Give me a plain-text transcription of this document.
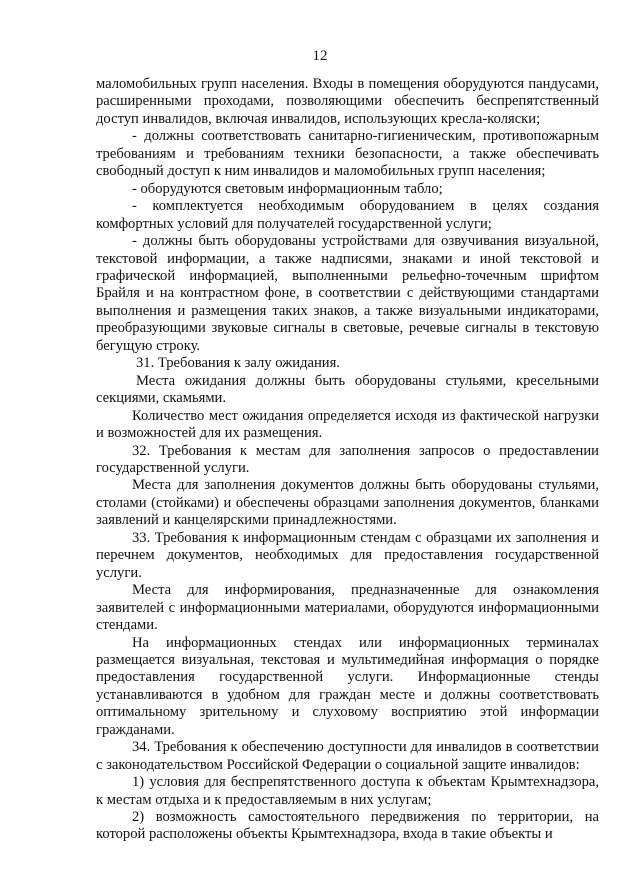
12

маломобильных групп населения. Входы в помещения оборудуются пандусами, расширенными проходами, позволяющими обеспечить беспрепятственный доступ инвалидов, включая инвалидов, использующих кресла-коляски;

- должны соответствовать санитарно-гигиеническим, противопожарным требованиям и требованиям техники безопасности, а также обеспечивать свободный доступ к ним инвалидов и маломобильных групп населения;

- оборудуются световым информационным табло;

- комплектуется необходимым оборудованием в целях создания комфортных условий для получателей государственной услуги;

- должны быть оборудованы устройствами для озвучивания визуальной, текстовой информации, а также надписями, знаками и иной текстовой и графической информацией, выполненными рельефно-точечным шрифтом Брайля и на контрастном фоне, в соответствии с действующими стандартами выполнения и размещения таких знаков, а также визуальными индикаторами, преобразующими звуковые сигналы в световые, речевые сигналы в текстовую бегущую строку.

31. Требования к залу ожидания.

Места ожидания должны быть оборудованы стульями, кресельными секциями, скамьями.

Количество мест ожидания определяется исходя из фактической нагрузки и возможностей для их размещения.

32. Требования к местам для заполнения запросов о предоставлении государственной услуги.

Места для заполнения документов должны быть оборудованы стульями, столами (стойками) и обеспечены образцами заполнения документов, бланками заявлений и канцелярскими принадлежностями.

33. Требования к информационным стендам с образцами их заполнения и перечнем документов, необходимых для предоставления государственной услуги.

Места для информирования, предназначенные для ознакомления заявителей с информационными материалами, оборудуются информационными стендами.

На информационных стендах или информационных терминалах размещается визуальная, текстовая и мультимедийная информация о порядке предоставления государственной услуги. Информационные стенды устанавливаются в удобном для граждан месте и должны соответствовать оптимальному зрительному и слуховому восприятию этой информации гражданами.

34. Требования к обеспечению доступности для инвалидов в соответствии с законодательством Российской Федерации о социальной защите инвалидов:

1) условия для беспрепятственного доступа к объектам Крымтехнадзора, к местам отдыха и к предоставляемым в них услугам;

2) возможность самостоятельного передвижения по территории, на которой расположены объекты Крымтехнадзора, входа в такие объекты и
